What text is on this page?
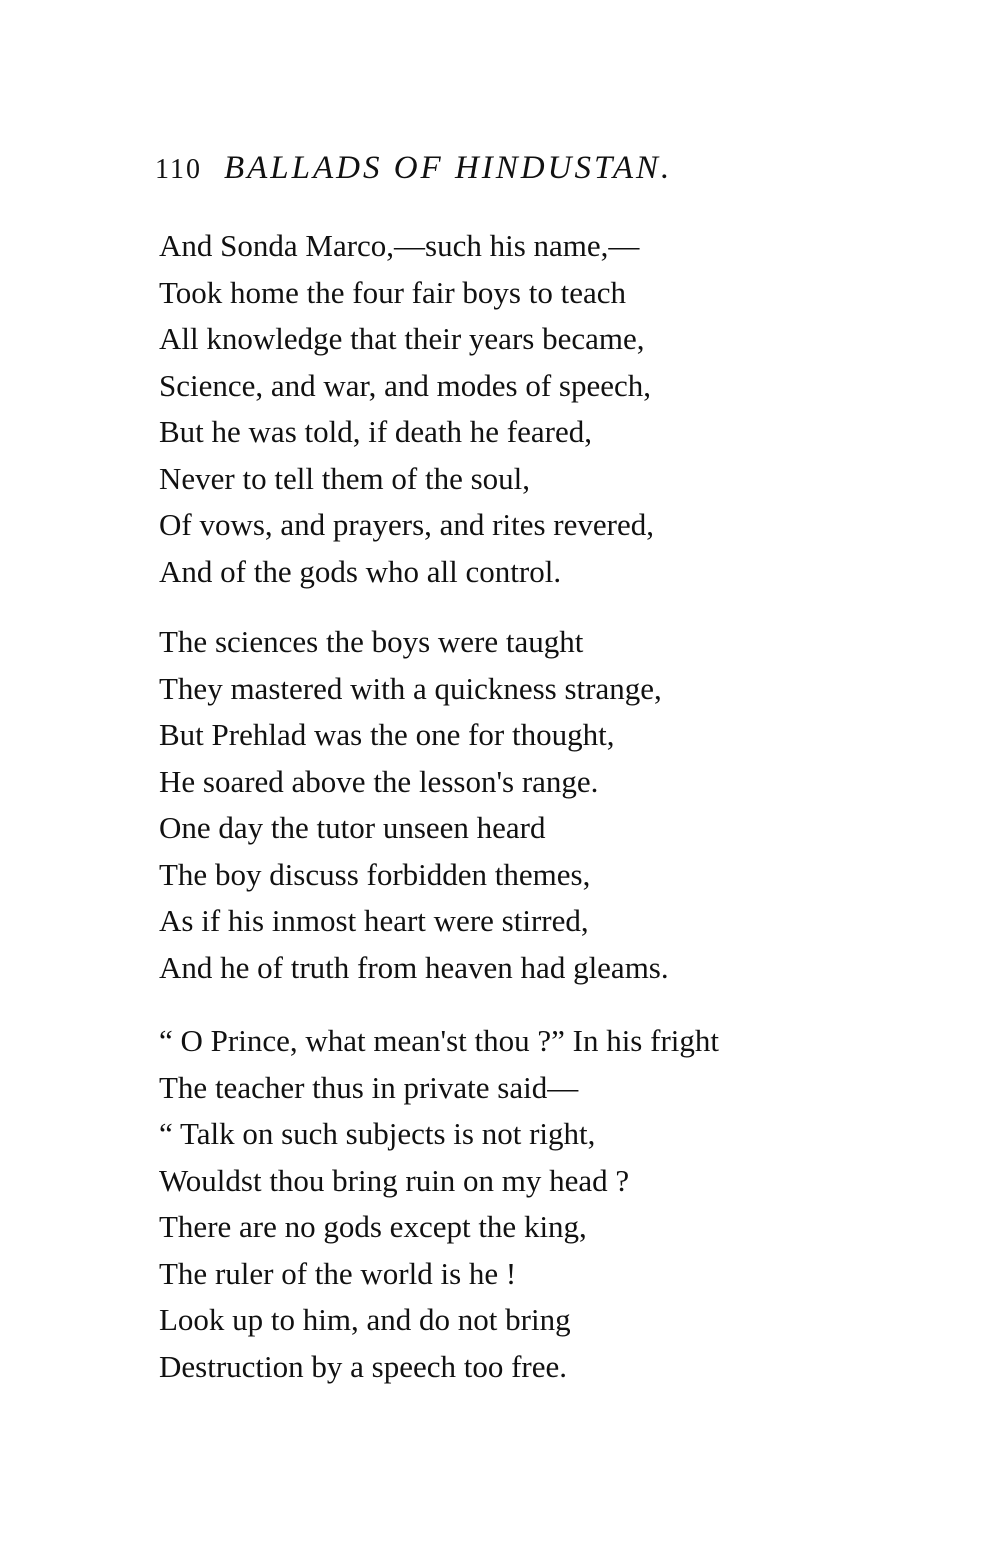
110 BALLADS OF HINDUSTAN.
And Sonda Marco,—such his name,—
Took home the four fair boys to teach
All knowledge that their years became,
Science, and war, and modes of speech,
But he was told, if death he feared,
Never to tell them of the soul,
Of vows, and prayers, and rites revered,
And of the gods who all control.
The sciences the boys were taught
They mastered with a quickness strange,
But Prehlad was the one for thought,
He soared above the lesson's range.
One day the tutor unseen heard
The boy discuss forbidden themes,
As if his inmost heart were stirred,
And he of truth from heaven had gleams.
“ O Prince, what mean'st thou ?” In his fright
The teacher thus in private said—
“ Talk on such subjects is not right,
Wouldst thou bring ruin on my head ?
There are no gods except the king,
The ruler of the world is he !
Look up to him, and do not bring
Destruction by a speech too free.
